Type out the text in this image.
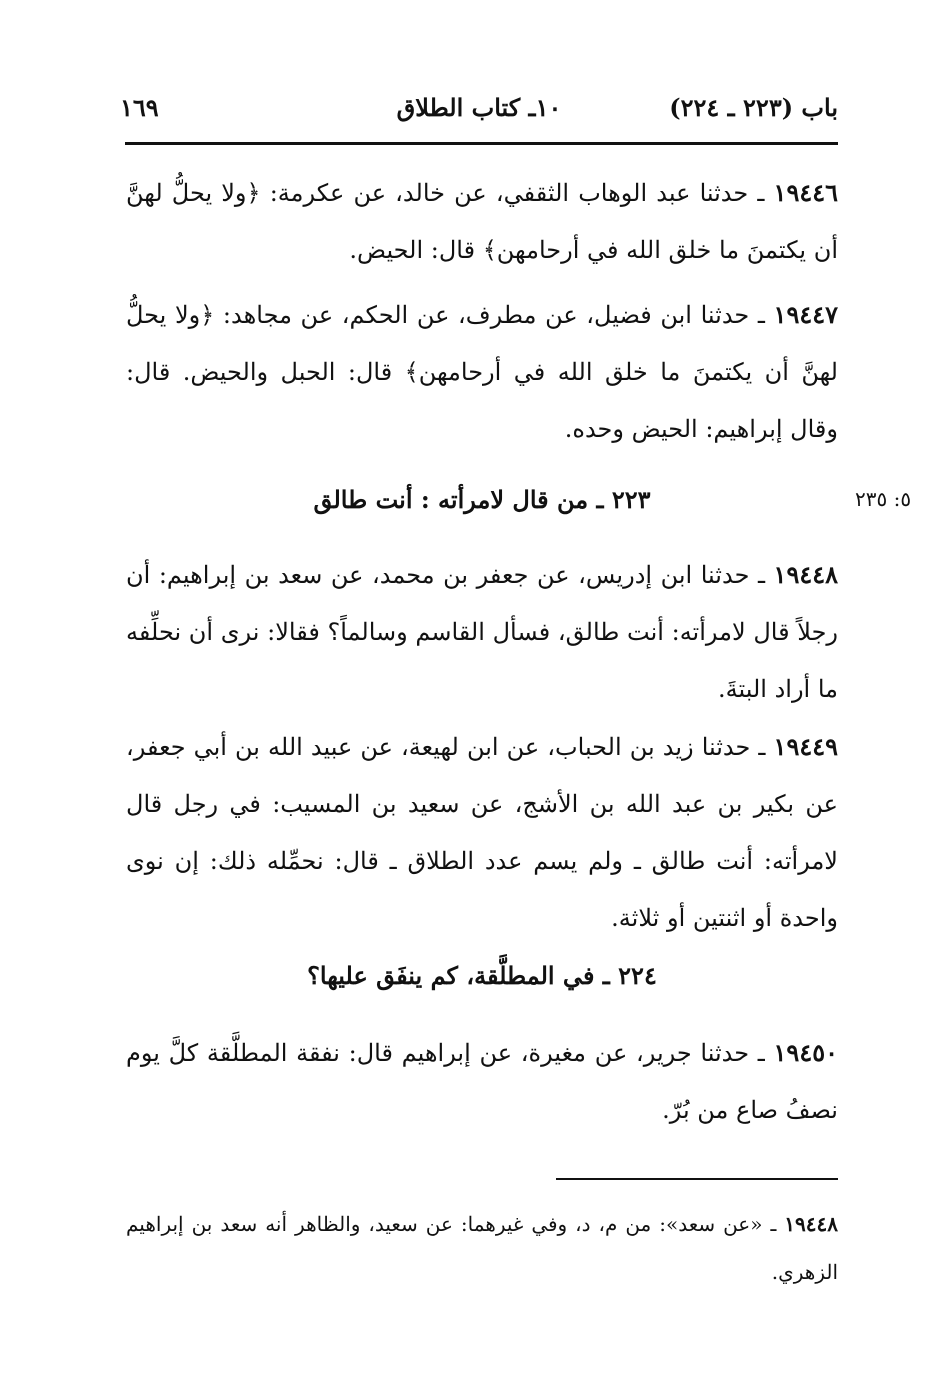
باب (٢٢٣ ـ ٢٢٤)
١٠ـ كتاب الطلاق
١٦٩

١٩٤٤٦ ـ حدثنا عبد الوهاب الثقفي، عن خالد، عن عكرمة: ﴿ولا يحلُّ لهنَّ أن يكتمنَ ما خلق الله في أرحامهن﴾ قال: الحيض.

١٩٤٤٧ ـ حدثنا ابن فضيل، عن مطرف، عن الحكم، عن مجاهد: ﴿ولا يحلُّ لهنَّ أن يكتمنَ ما خلق الله في أرحامهن﴾ قال: الحبل والحيض. قال: وقال إبراهيم: الحيض وحده.

٥: ٢٣٥
٢٢٣ ـ من قال لامرأته : أنت طالق

١٩٤٤٨ ـ حدثنا ابن إدريس، عن جعفر بن محمد، عن سعد بن إبراهيم: أن رجلاً قال لامرأته: أنت طالق، فسأل القاسم وسالماً؟ فقالا: نرى أن نحلِّفه ما أراد البتةَ.

١٩٤٤٩ ـ حدثنا زيد بن الحباب، عن ابن لهيعة، عن عبيد الله بن أبي جعفر، عن بكير بن عبد الله بن الأشج، عن سعيد بن المسيب: في رجل قال لامرأته: أنت طالق ـ ولم يسم عدد الطلاق ـ قال: نحمِّله ذلك: إن نوى واحدة أو اثنتين أو ثلاثة.

٢٢٤ ـ في المطلَّقة، كم ينفَق عليها؟

١٩٤٥٠ ـ حدثنا جرير، عن مغيرة، عن إبراهيم قال: نفقة المطلَّقة كلَّ يوم نصفُ صاع من بُرّ.

١٩٤٤٨ ـ «عن سعد»: من م، د، وفي غيرهما: عن سعيد، والظاهر أنه سعد بن إبراهيم الزهري.
